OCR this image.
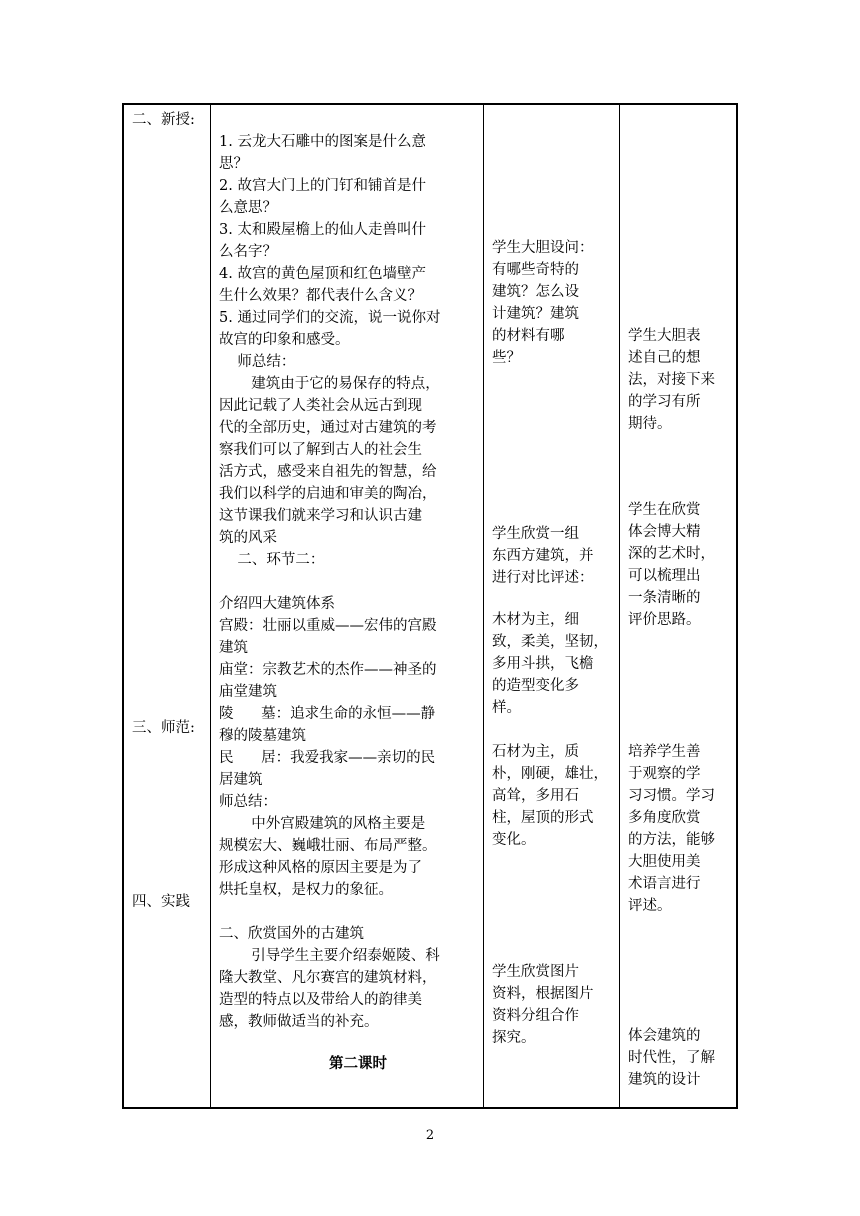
二、新授:
三、师范:
四、实践

1. 云龙大石雕中的图案是什么意

思？

2. 故宫大门上的门钉和铺首是什

么意思？

3. 太和殿屋檐上的仙人走兽叫什

么名字？

4. 故宫的黄色屋顶和红色墙壁产

生什么效果？都代表什么含义？

5. 通过同学们的交流，说一说你对

故宫的印象和感受。

师总结：

建筑由于它的易保存的特点，

因此记载了人类社会从远古到现

代的全部历史，通过对古建筑的考

察我们可以了解到古人的社会生

活方式，感受来自祖先的智慧，给

我们以科学的启迪和审美的陶冶，

这节课我们就来学习和认识古建

筑的风采

二、环节二：

介绍四大建筑体系

宫殿：壮丽以重威——宏伟的宫殿

建筑

庙堂：宗教艺术的杰作——神圣的

庙堂建筑

陵      墓：追求生命的永恒——静

穆的陵墓建筑

民      居：我爱我家——亲切的民

居建筑

师总结：

中外宫殿建筑的风格主要是

规模宏大、巍峨壮丽、布局严整。

形成这种风格的原因主要是为了

烘托皇权，是权力的象征。

二、欣赏国外的古建筑

引导学生主要介绍泰姬陵、科

隆大教堂、凡尔赛宫的建筑材料，

造型的特点以及带给人的韵律美

感，教师做适当的补充。

第二课时

学生大胆设问：

有哪些奇特的

建筑？怎么设

计建筑？建筑

的材料有哪

些？

学生欣赏一组

东西方建筑，并

进行对比评述：

木材为主，细

致，柔美，坚韧，

多用斗拱，飞檐

的造型变化多

样。

石材为主，质

朴，刚硬，雄壮，

高耸，多用石

柱，屋顶的形式

变化。

学生欣赏图片

资料，根据图片

资料分组合作

探究。

学生大胆表

述自己的想

法，对接下来

的学习有所

期待。

学生在欣赏

体会博大精

深的艺术时，

可以梳理出

一条清晰的

评价思路。

培养学生善

于观察的学

习习惯。学习

多角度欣赏

的方法，能够

大胆使用美

术语言进行

评述。

体会建筑的

时代性，了解

建筑的设计

2
